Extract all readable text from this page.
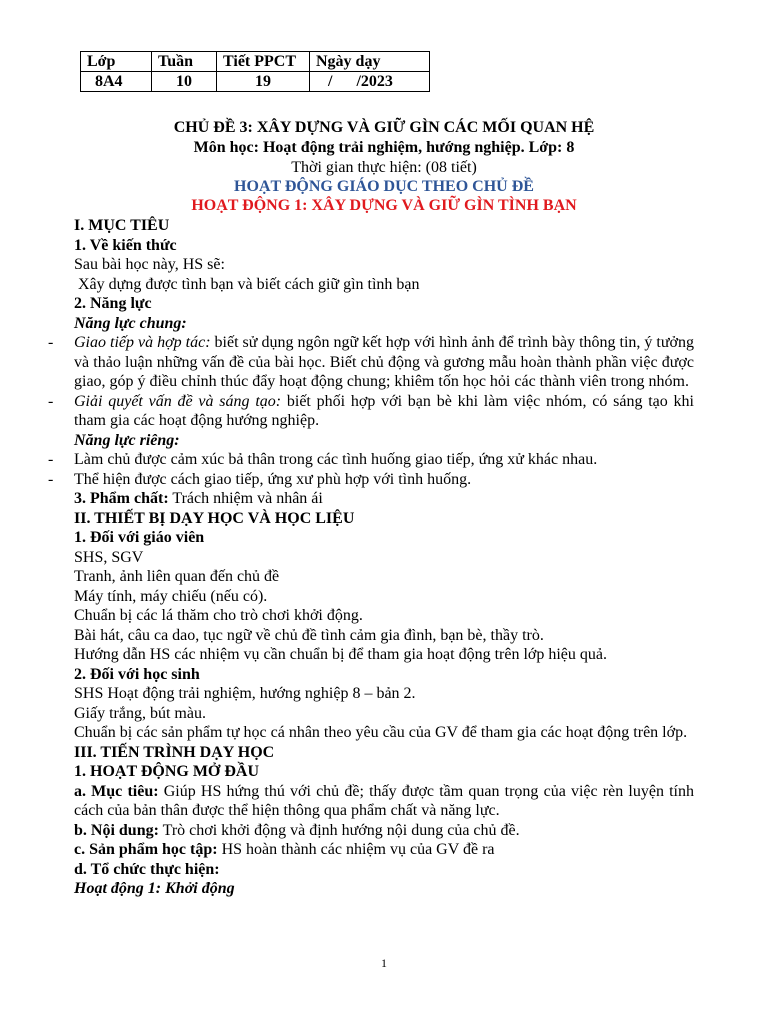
Lớp	Tuần	Tiết PPCT	Ngày dạy
8A4	10	19	/      /2023
CHỦ ĐỀ 3: XÂY DỰNG VÀ GIỮ GÌN CÁC MỐI QUAN HỆ
Môn học: Hoạt động trải nghiệm, hướng nghiệp. Lớp: 8
Thời gian thực hiện: (08 tiết)
HOẠT ĐỘNG GIÁO DỤC THEO CHỦ ĐỀ
HOẠT ĐỘNG 1: XÂY DỰNG VÀ GIỮ GÌN TÌNH BẠN

I. MỤC TIÊU

1. Về kiến thức

Sau bài học này, HS sẽ:

Xây dựng được tình bạn và biết cách giữ gìn tình bạn

2. Năng lực

Năng lực chung:

- Giao tiếp và hợp tác: biết sử dụng ngôn ngữ kết hợp với hình ảnh để trình bày thông tin, ý tưởng và thảo luận những vấn đề của bài học. Biết chủ động và gương mẫu hoàn thành phần việc được giao, góp ý điều chỉnh thúc đẩy hoạt động chung; khiêm tốn học hỏi các thành viên trong nhóm.

- Giải quyết vấn đề và sáng tạo: biết phối hợp với bạn bè khi làm việc nhóm, có sáng tạo khi tham gia các hoạt động hướng nghiệp.

Năng lực riêng:

- Làm chủ được cảm xúc bả thân trong các tình huống giao tiếp, ứng xử khác nhau.

- Thể hiện được cách giao tiếp, ứng xư phù hợp với tình huống.

3. Phẩm chất: Trách nhiệm và nhân ái

II. THIẾT BỊ DẠY HỌC VÀ HỌC LIỆU

1. Đối với giáo viên

SHS, SGV

Tranh, ảnh liên quan đến chủ đề

Máy tính, máy chiếu (nếu có).

Chuẩn bị các lá thăm cho trò chơi khởi động.

Bài hát, câu ca dao, tục ngữ về chủ đề tình cảm gia đình, bạn bè, thầy trò.

Hướng dẫn HS các nhiệm vụ cần chuẩn bị để tham gia hoạt động trên lớp hiệu quả.

2. Đối với học sinh

SHS Hoạt động trải nghiệm, hướng nghiệp 8 – bản 2.

Giấy trắng, bút màu.

Chuẩn bị các sản phẩm tự học cá nhân theo yêu cầu của GV để tham gia các hoạt động trên lớp.

III. TIẾN TRÌNH DẠY HỌC

1. HOẠT ĐỘNG MỞ ĐẦU

a. Mục tiêu: Giúp HS hứng thú với chủ đề; thấy được tầm quan trọng của việc rèn luyện tính cách của bản thân được thể hiện thông qua phẩm chất và năng lực.

b. Nội dung: Trò chơi khởi động và định hướng nội dung của chủ đề.

c. Sản phẩm học tập: HS hoàn thành các nhiệm vụ của GV đề ra

d. Tổ chức thực hiện:

Hoạt động 1: Khởi động

1
